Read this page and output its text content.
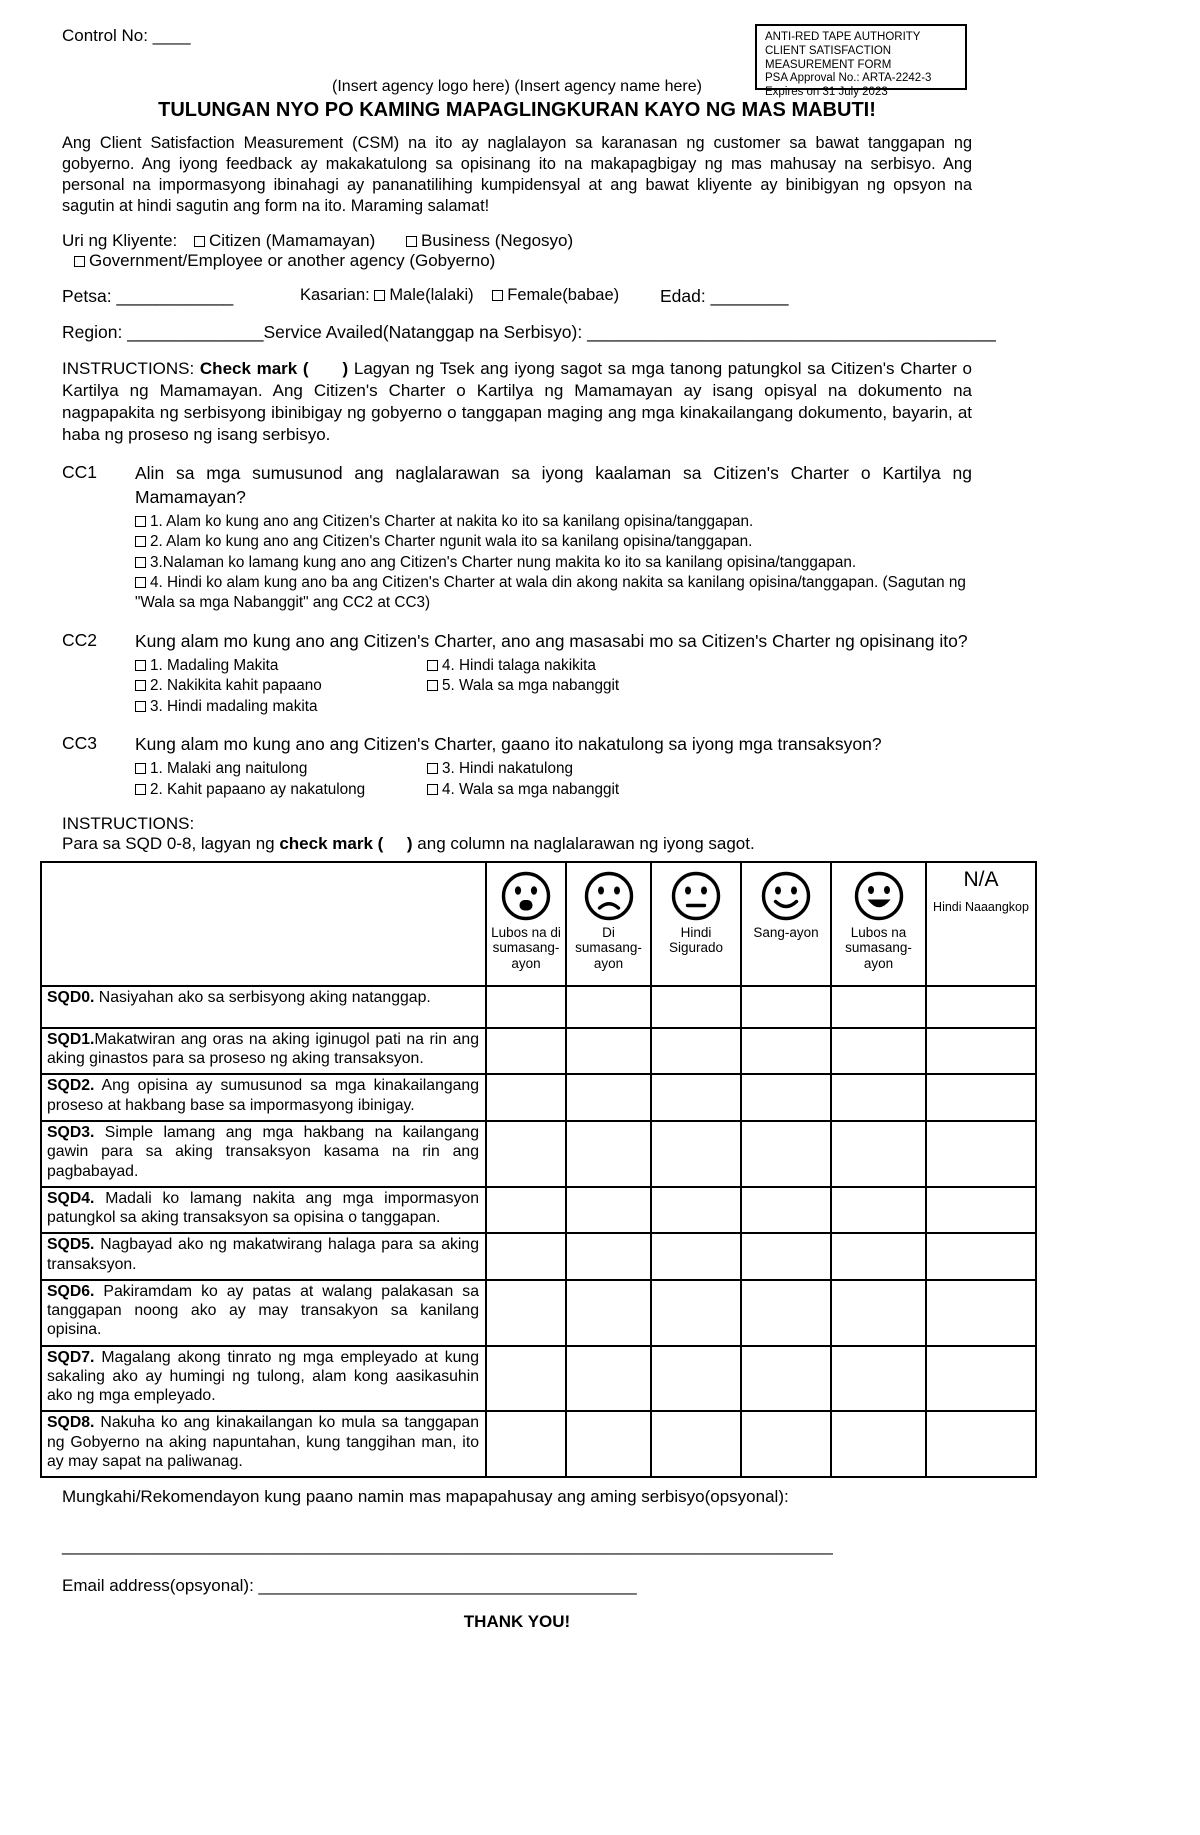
Control No: ____	ANTI-RED TAPE AUTHORITY
CLIENT SATISFACTION
MEASUREMENT FORM
PSA Approval No.: ARTA-2242-3
Expires on 31 July 2023
(Insert agency logo here) (Insert agency name here)
TULUNGAN NYO PO KAMING MAPAGLINGKURAN KAYO NG MAS MABUTI!

Ang Client Satisfaction Measurement (CSM) na ito ay naglalayon sa karanasan ng customer sa bawat tanggapan ng gobyerno. Ang iyong feedback ay makakatulong sa opisinang ito na makapagbigay ng mas mahusay na serbisyo. Ang personal na impormasyong ibinahagi ay pananatilihing kumpidensyal at ang bawat kliyente ay binibigyan ng opsyon na sagutin at hindi sagutin ang form na ito. Maraming salamat!

Uri ng Kliyente: Citizen (Mamamayan)	Business (Negosyo) Government/Employee or another agency (Gobyerno)
Petsa: ____________	Kasarian: Male(lalaki) Female(babae)	Edad: ________
Region: ______________ Service Availed(Natanggap na Serbisyo): __________________________________________

INSTRUCTIONS: Check mark (      ) Lagyan ng Tsek ang iyong sagot sa mga tanong patungkol sa Citizen's Charter o Kartilya ng Mamamayan. Ang Citizen's Charter o Kartilya ng Mamamayan ay isang opisyal na dokumento na nagpapakita ng serbisyong ibinibigay ng gobyerno o tanggapan maging ang mga kinakailangang dokumento, bayarin, at haba ng proseso ng isang serbisyo.

CC1	Alin sa mga sumusunod ang naglalarawan sa iyong kaalaman sa Citizen's Charter o Kartilya ng Mamamayan?
1. Alam ko kung ano ang Citizen's Charter at nakita ko ito sa kanilang opisina/tanggapan.
2. Alam ko kung ano ang Citizen's Charter ngunit wala ito sa kanilang opisina/tanggapan.
3.Nalaman ko lamang kung ano ang Citizen's Charter nung makita ko ito sa kanilang opisina/tanggapan.
4. Hindi ko alam kung ano ba ang Citizen's Charter at wala din akong nakita sa kanilang opisina/tanggapan. (Sagutan ng "Wala sa mga Nabanggit" ang CC2 at CC3)
CC2	Kung alam mo kung ano ang Citizen's Charter, ano ang masasabi mo sa Citizen's Charter ng opisinang ito?
1. Madaling Makita	4. Hindi talaga nakikita
2. Nakikita kahit papaano	5. Wala sa mga nabanggit
3. Hindi madaling makita
CC3	Kung alam mo kung ano ang Citizen's Charter, gaano ito nakatulong sa iyong mga transaksyon?
1. Malaki ang naitulong	3. Hindi nakatulong
2. Kahit papaano ay nakatulong	4. Wala sa mga nabanggit

INSTRUCTIONS:

Para sa SQD 0-8, lagyan ng check mark (     ) ang column na naglalarawan ng iyong sagot.

	Lubos na di sumasang-ayon	Di sumasang-ayon	Hindi Sigurado	Sang-ayon	Lubos na sumasang-ayon	N/A
Hindi Naaangkop

SQD0. Nasiyahan ako sa serbisyong aking natanggap.						
SQD1.Makatwiran ang oras na aking iginugol pati na rin ang aking ginastos para sa proseso ng aking transaksyon.						
SQD2. Ang opisina ay sumusunod sa mga kinakailangang proseso at hakbang base sa impormasyong ibinigay.						
SQD3. Simple lamang ang mga hakbang na kailangang gawin para sa aking transaksyon kasama na rin ang pagbabayad.						
SQD4. Madali ko lamang nakita ang mga impormasyon patungkol sa aking transaksyon sa opisina o tanggapan.						
SQD5. Nagbayad ako ng makatwirang halaga para sa aking transaksyon.						
SQD6. Pakiramdam ko ay patas at walang palakasan sa tanggapan noong ako ay may transakyon sa kanilang opisina.						
SQD7. Magalang akong tinrato ng mga empleyado at kung sakaling ako ay humingi ng tulong, alam kong aasikasuhin ako ng mga empleyado.						
SQD8. Nakuha ko ang kinakailangan ko mula sa tanggapan ng Gobyerno na aking napuntahan, kung tanggihan man, ito ay may sapat na paliwanag.						

Mungkahi/Rekomendayon kung paano namin mas mapapahusay ang aming serbisyo(opsyonal):

____________________________________________________________________________________

Email address(opsyonal): ________________________________________

THANK YOU!
